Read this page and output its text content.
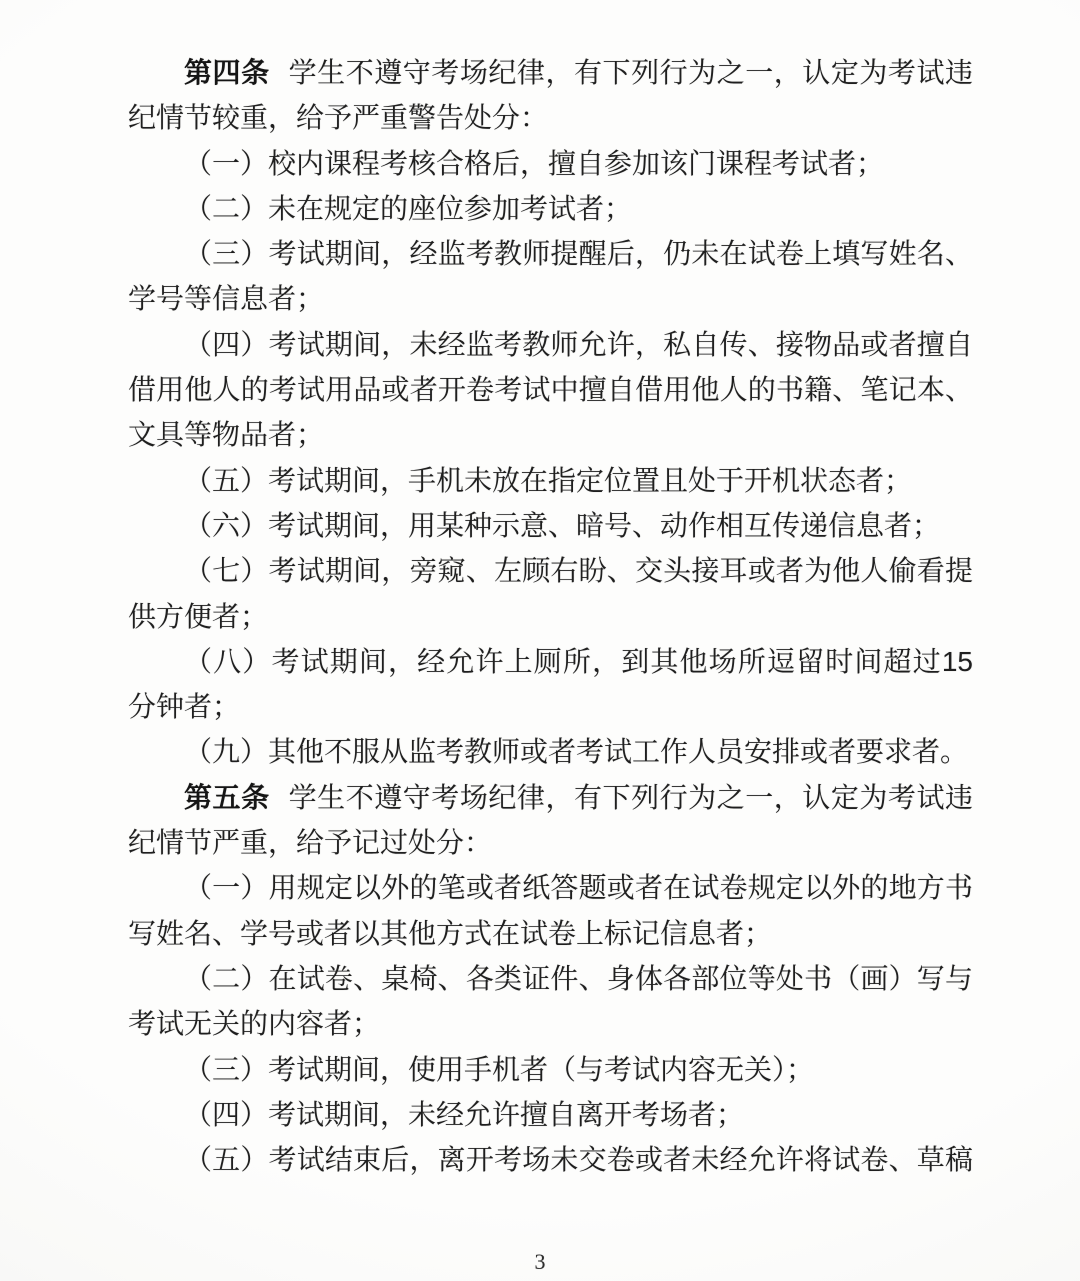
第四条 学生不遵守考场纪律，有下列行为之一，认定为考试违
纪情节较重，给予严重警告处分：
（一）校内课程考核合格后，擅自参加该门课程考试者；
（二）未在规定的座位参加考试者；
（三）考试期间，经监考教师提醒后，仍未在试卷上填写姓名、
学号等信息者；
（四）考试期间，未经监考教师允许，私自传、接物品或者擅自
借用他人的考试用品或者开卷考试中擅自借用他人的书籍、笔记本、
文具等物品者；
（五）考试期间，手机未放在指定位置且处于开机状态者；
（六）考试期间，用某种示意、暗号、动作相互传递信息者；
（七）考试期间，旁窥、左顾右盼、交头接耳或者为他人偷看提
供方便者；
（八）考试期间，经允许上厕所，到其他场所逗留时间超过15
分钟者；
（九）其他不服从监考教师或者考试工作人员安排或者要求者。
第五条 学生不遵守考场纪律，有下列行为之一，认定为考试违
纪情节严重，给予记过处分：
（一）用规定以外的笔或者纸答题或者在试卷规定以外的地方书
写姓名、学号或者以其他方式在试卷上标记信息者；
（二）在试卷、桌椅、各类证件、身体各部位等处书（画）写与
考试无关的内容者；
（三）考试期间，使用手机者（与考试内容无关）；
（四）考试期间，未经允许擅自离开考场者；
（五）考试结束后，离开考场未交卷或者未经允许将试卷、草稿
3
